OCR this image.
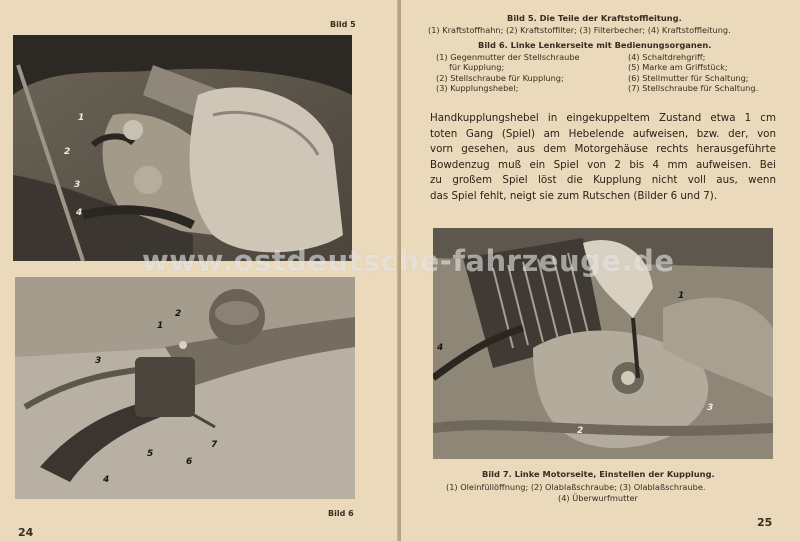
Bild 5
1
2
3
4
1
2
3
4
5
6
7
Bild 6
24
Bild 5. Die Teile der Kraftstoffleitung.
(1) Kraftstoffhahn; (2) Kraftstoffilter; (3) Filterbecher; (4) Kraftstoffleitung.
Bild 6. Linke Lenkerseite mit Bedienungsorganen.
(1) Gegenmutter der Stellschraube
für Kupplung;
(2) Stellschraube für Kupplung;
(3) Kupplungshebel;
(4) Schaltdrehgriff;
(5) Marke am Griffstück;
(6) Stellmutter für Schaltung;
(7) Stellschraube für Schaltung.
Handkupplungshebel in eingekuppeltem Zustand etwa 1 cm
toten Gang (Spiel) am Hebelende aufweisen, bzw. der, von
vorn gesehen, aus dem Motorgehäuse rechts herausgeführte
Bowdenzug muß ein Spiel von 2 bis 4 mm aufweisen. Bei
zu großem Spiel löst die Kupplung nicht voll aus, wenn
das Spiel fehlt, neigt sie zum Rutschen (Bilder 6 und 7).
1
2
3
4
Bild 7. Linke Motorseite, Einstellen der Kupplung.
(1) Oleinfüllöffnung; (2) Olablaßschraube; (3) Olablaßschraube.
(4) Überwurfmutter
25
www.ostdeutsche-fahrzeuge.de
